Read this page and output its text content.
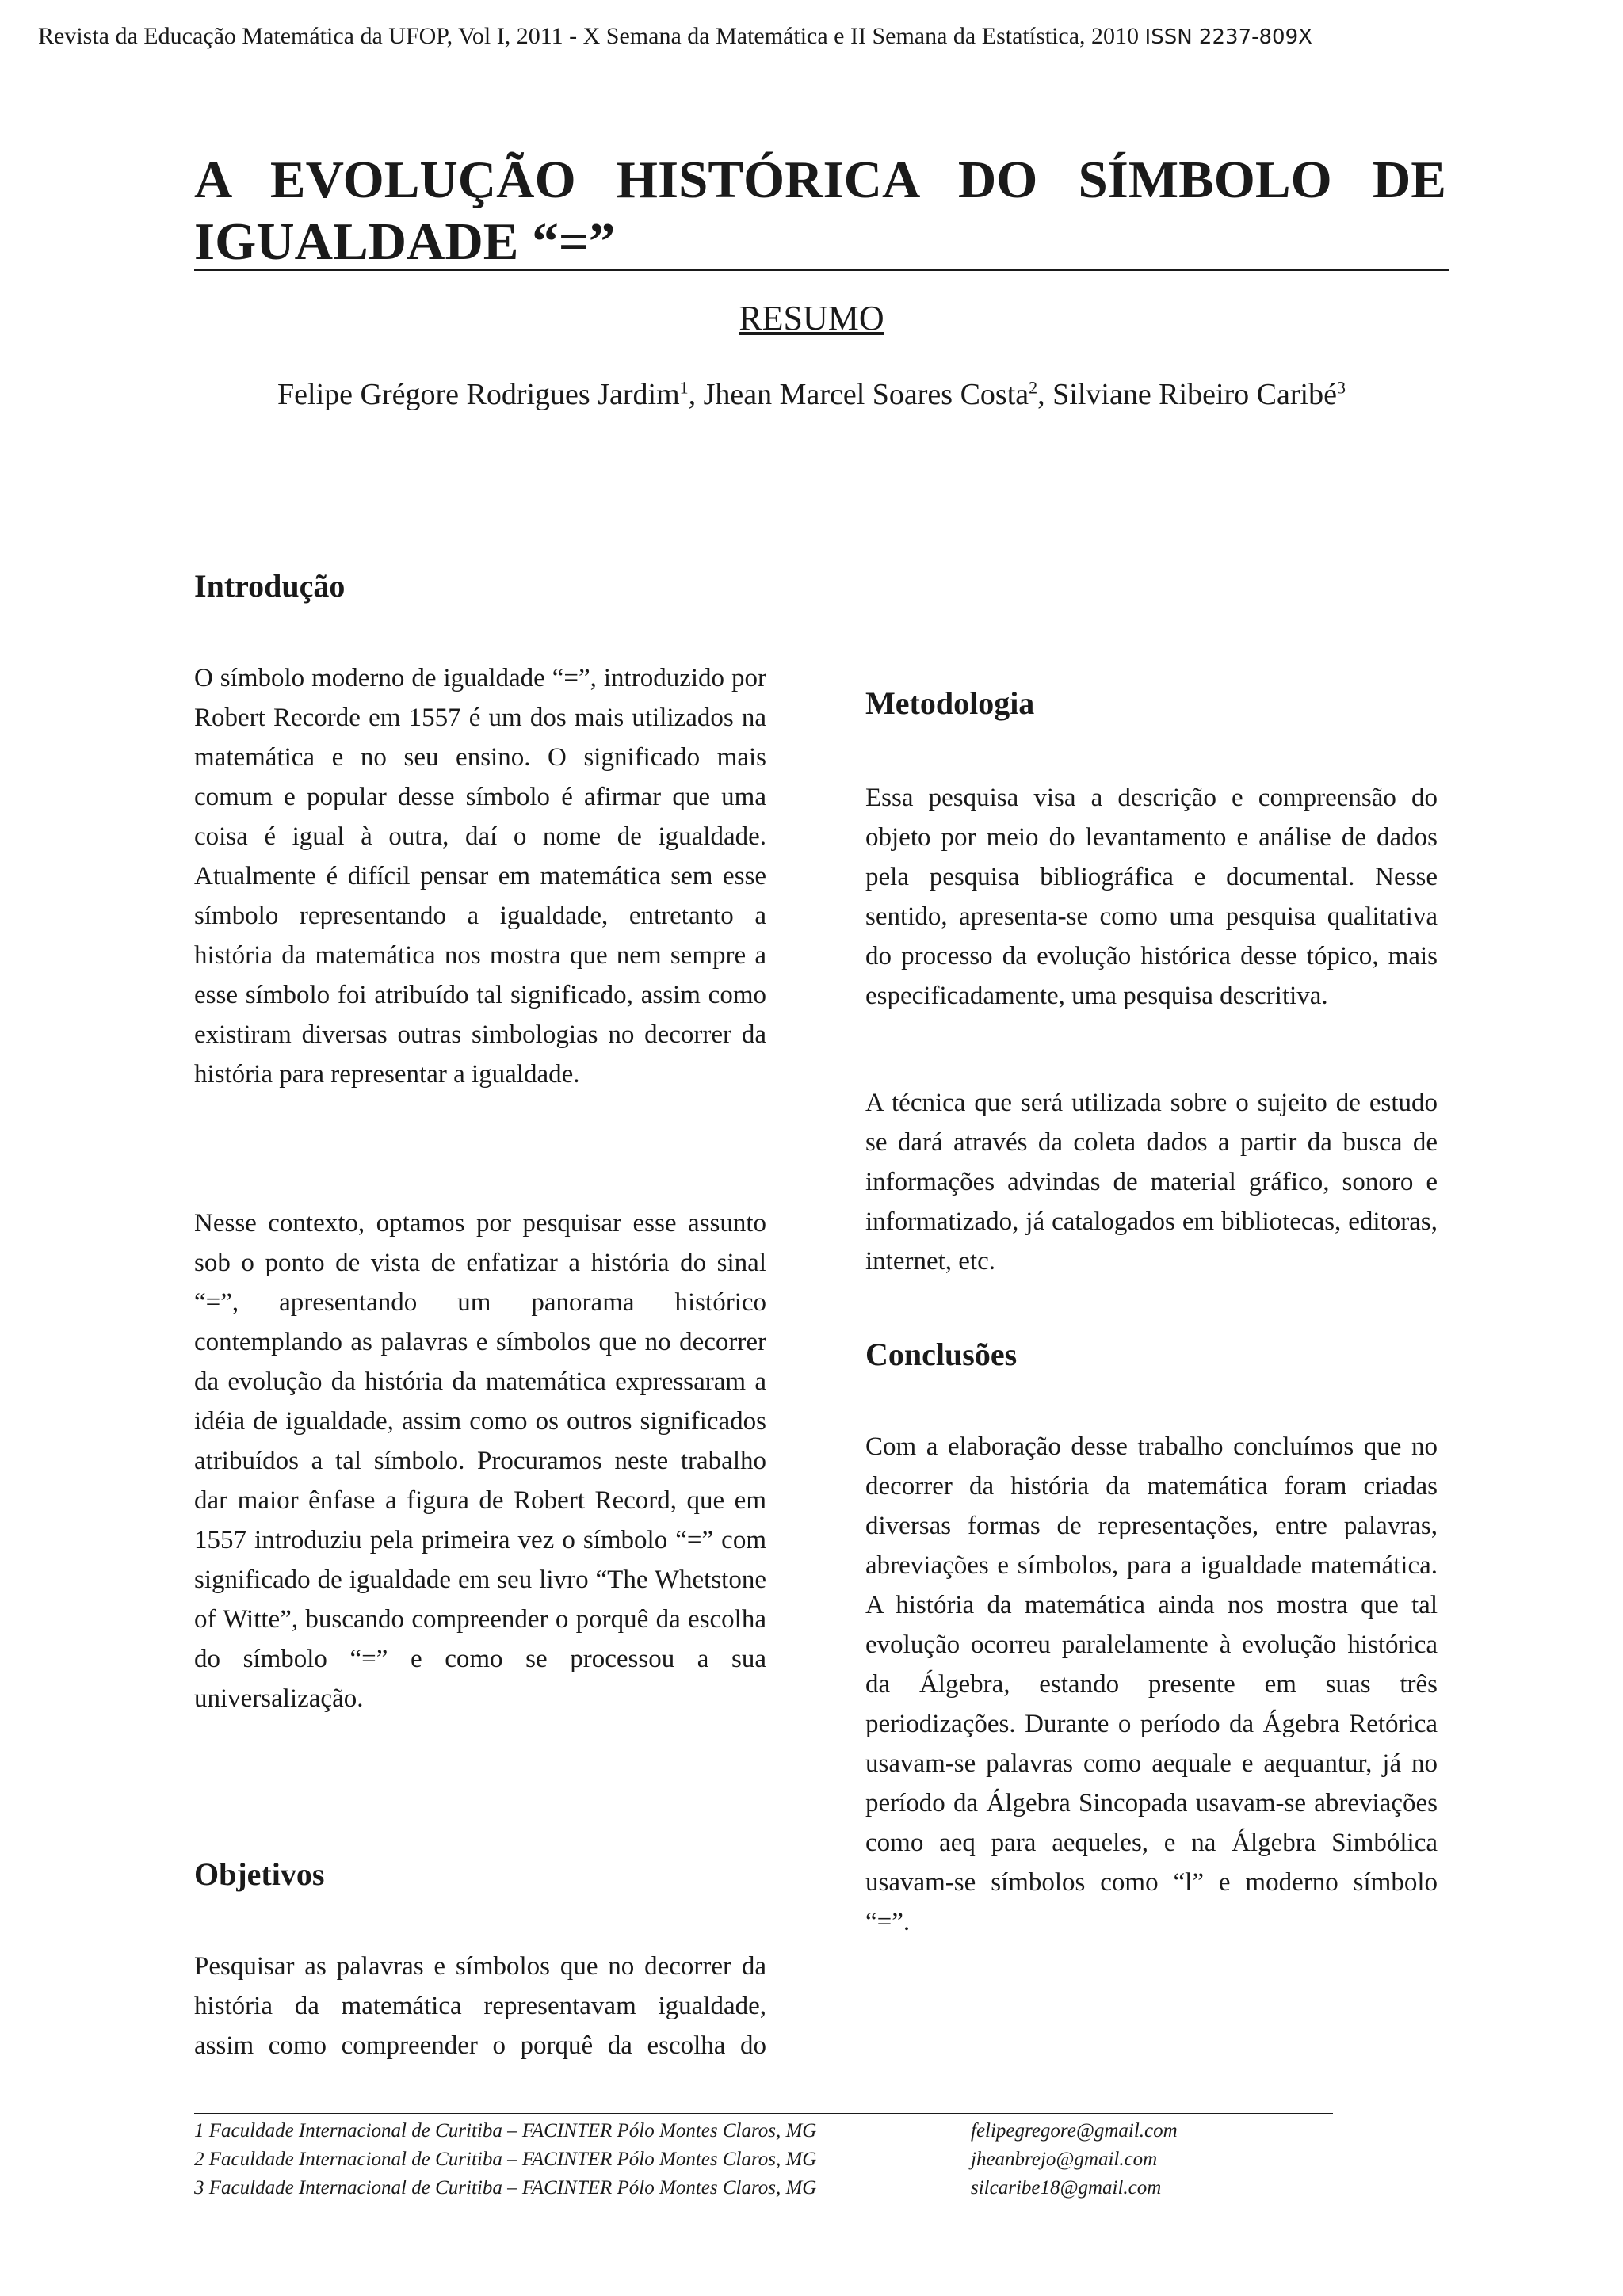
Revista da Educação Matemática da UFOP, Vol I, 2011 - X Semana da Matemática e II Semana da Estatística, 2010 ISSN 2237-809X
A EVOLUÇÃO HISTÓRICA DO SÍMBOLO DE
IGUALDADE “=”
RESUMO
Felipe Grégore Rodrigues Jardim$^1$, Jhean Marcel Soares Costa$^2$, Silviane Ribeiro Caribé$^3$
Introdução

O símbolo moderno de igualdade “=”, introduzido por Robert Recorde em 1557 é um dos mais utilizados na matemática e no seu ensino. O significado mais comum e popular desse símbolo é afirmar que uma coisa é igual à outra, daí o nome de igualdade. Atualmente é difícil pensar em matemática sem esse símbolo representando a igualdade, entretanto a história da matemática nos mostra que nem sempre a esse símbolo foi atribuído tal significado, assim como existiram diversas outras simbologias no decorrer da história para representar a igualdade.

Nesse contexto, optamos por pesquisar esse assunto sob o ponto de vista de enfatizar a história do sinal “=”, apresentando um panorama histórico contemplando as palavras e símbolos que no decorrer da evolução da história da matemática expressaram a idéia de igualdade, assim como os outros significados atribuídos a tal símbolo. Procuramos neste trabalho dar maior ênfase a figura de Robert Record, que em 1557 introduziu pela primeira vez o símbolo “=” com significado de igualdade em seu livro “The Whetstone of Witte”, buscando compreender o porquê da escolha do símbolo “=” e como se processou a sua universalização.

Objetivos

Pesquisar as palavras e símbolos que no decorrer da história da matemática representavam igualdade, assim como compreender o porquê da escolha do

Metodologia

Essa pesquisa visa a descrição e compreensão do objeto por meio do levantamento e análise de dados pela pesquisa bibliográfica e documental. Nesse sentido, apresenta-se como uma pesquisa qualitativa do processo da evolução histórica desse tópico, mais especificadamente, uma pesquisa descritiva.

A técnica que será utilizada sobre o sujeito de estudo se dará através da coleta dados a partir da busca de informações advindas de material gráfico, sonoro e informatizado, já catalogados em bibliotecas, editoras, internet, etc.

Conclusões

Com a elaboração desse trabalho concluímos que no decorrer da história da matemática foram criadas diversas formas de representações, entre palavras, abreviações e símbolos, para a igualdade matemática. A história da matemática ainda nos mostra que tal evolução ocorreu paralelamente à evolução histórica da Álgebra, estando presente em suas três periodizações. Durante o período da Ágebra Retórica usavam-se palavras como aequale e aequantur, já no período da Álgebra Sincopada usavam-se abreviações como aeq para aequeles, e na Álgebra Simbólica usavam-se símbolos como “l” e moderno símbolo “=”.

1 Faculdade Internacional de Curitiba – FACINTER Pólo Montes Claros, MG	felipegregore@gmail.com
2 Faculdade Internacional de Curitiba – FACINTER Pólo Montes Claros, MG	jheanbrejo@gmail.com
3 Faculdade Internacional de Curitiba – FACINTER Pólo Montes Claros, MG	silcaribe18@gmail.com
